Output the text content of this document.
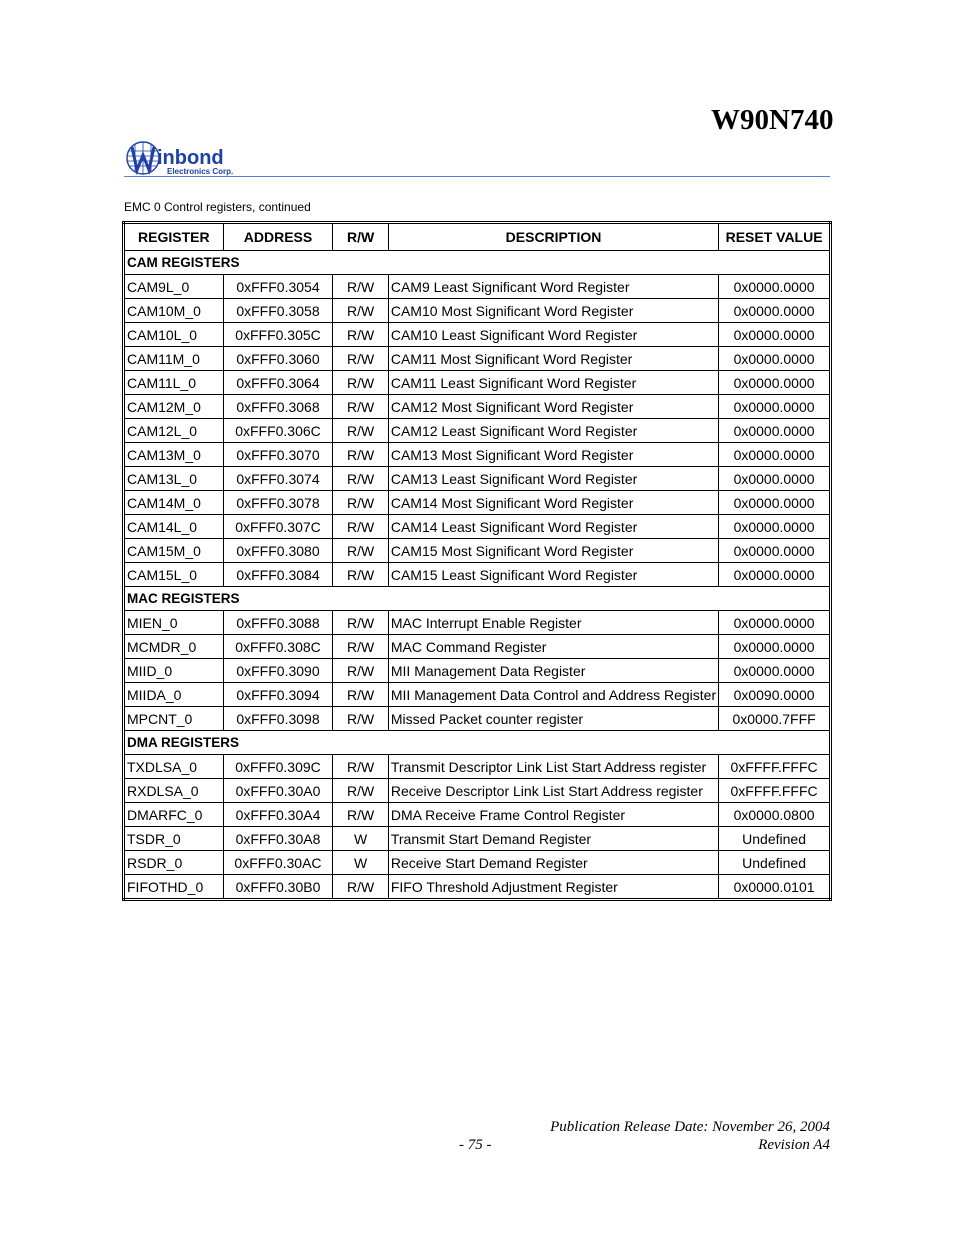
W90N740
inbond
Electronics Corp.
EMC 0 Control registers, continued
REGISTER	ADDRESS	R/W	DESCRIPTION	RESET VALUE
CAM REGISTERS				
CAM9L_0	0xFFF0.3054	R/W	CAM9 Least Significant Word Register	0x0000.0000
CAM10M_0	0xFFF0.3058	R/W	CAM10 Most Significant Word Register	0x0000.0000
CAM10L_0	0xFFF0.305C	R/W	CAM10 Least Significant Word Register	0x0000.0000
CAM11M_0	0xFFF0.3060	R/W	CAM11 Most Significant Word Register	0x0000.0000
CAM11L_0	0xFFF0.3064	R/W	CAM11 Least Significant Word Register	0x0000.0000
CAM12M_0	0xFFF0.3068	R/W	CAM12 Most Significant Word Register	0x0000.0000
CAM12L_0	0xFFF0.306C	R/W	CAM12 Least Significant Word Register	0x0000.0000
CAM13M_0	0xFFF0.3070	R/W	CAM13 Most Significant Word Register	0x0000.0000
CAM13L_0	0xFFF0.3074	R/W	CAM13 Least Significant Word Register	0x0000.0000
CAM14M_0	0xFFF0.3078	R/W	CAM14 Most Significant Word Register	0x0000.0000
CAM14L_0	0xFFF0.307C	R/W	CAM14 Least Significant Word Register	0x0000.0000
CAM15M_0	0xFFF0.3080	R/W	CAM15 Most Significant Word Register	0x0000.0000
CAM15L_0	0xFFF0.3084	R/W	CAM15 Least Significant Word Register	0x0000.0000
MAC REGISTERS				
MIEN_0	0xFFF0.3088	R/W	MAC Interrupt Enable Register	0x0000.0000
MCMDR_0	0xFFF0.308C	R/W	MAC Command Register	0x0000.0000
MIID_0	0xFFF0.3090	R/W	MII Management Data Register	0x0000.0000
MIIDA_0	0xFFF0.3094	R/W	MII Management Data Control and Address Register	0x0090.0000
MPCNT_0	0xFFF0.3098	R/W	Missed Packet counter register	0x0000.7FFF
DMA REGISTERS				
TXDLSA_0	0xFFF0.309C	R/W	Transmit Descriptor Link List Start Address register	0xFFFF.FFFC
RXDLSA_0	0xFFF0.30A0	R/W	Receive Descriptor Link List Start Address register	0xFFFF.FFFC
DMARFC_0	0xFFF0.30A4	R/W	DMA Receive Frame Control Register	0x0000.0800
TSDR_0	0xFFF0.30A8	W	Transmit Start Demand Register	Undefined
RSDR_0	0xFFF0.30AC	W	Receive Start Demand Register	Undefined
FIFOTHD_0	0xFFF0.30B0	R/W	FIFO Threshold Adjustment Register	0x0000.0101
Publication Release Date: November 26, 2004
- 75 -	Revision A4
